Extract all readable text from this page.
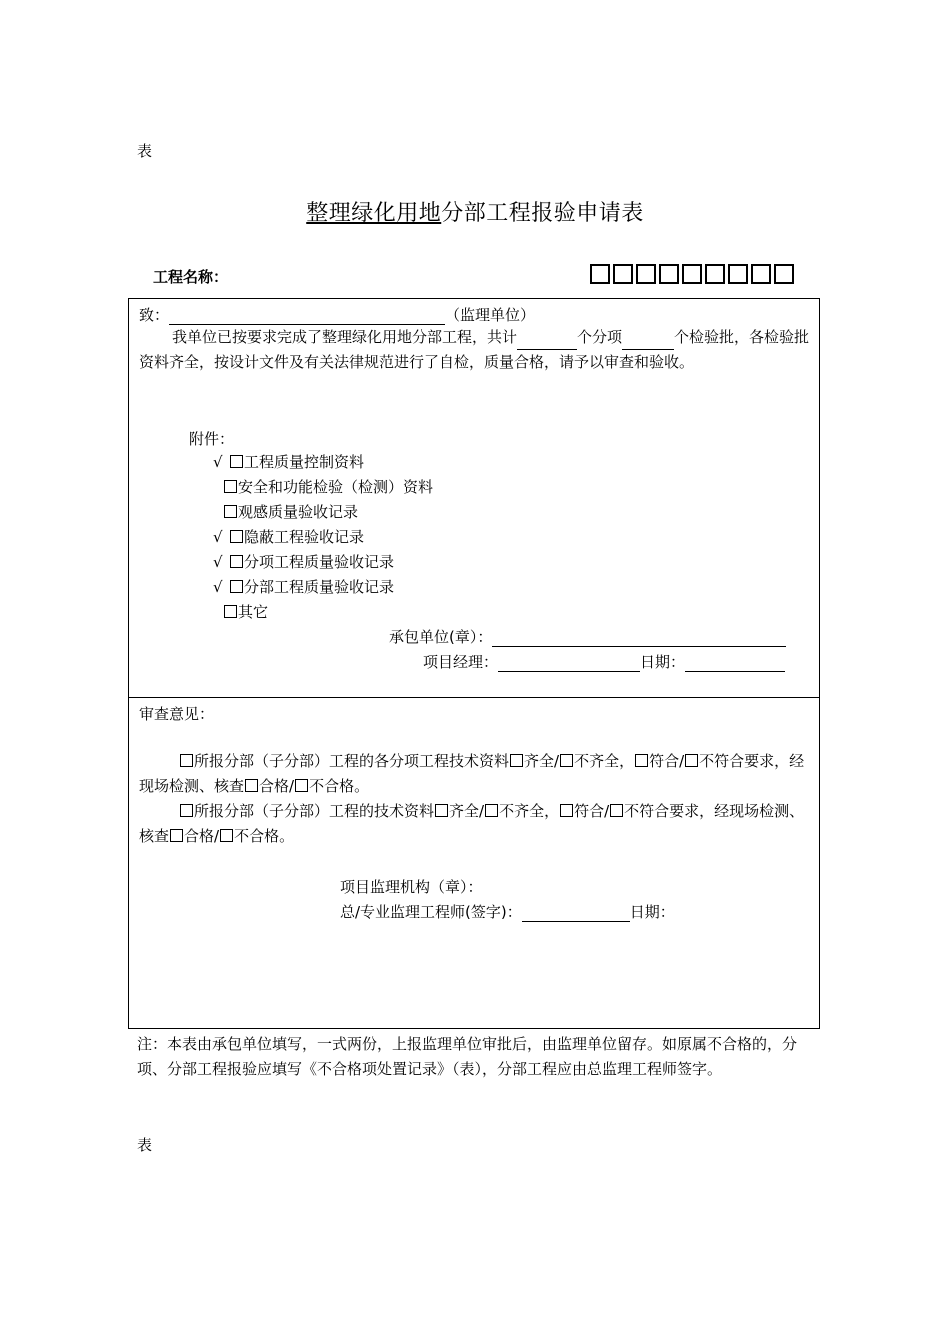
表
整理绿化用地分部工程报验申请表
工程名称：
致：	（监理单位）
我单位已按要求完成了整理绿化用地分部工程，共计	个分项	个检验批，各检验批资料齐全，按设计文件及有关法律规范进行了自检，质量合格，请予以审查和验收。
附件：
√ 工程质量控制资料
安全和功能检验（检测）资料
观感质量验收记录
√ 隐蔽工程验收记录
√ 分项工程质量验收记录
√ 分部工程质量验收记录
其它
承包单位(章）：
项目经理：	日期：
审查意见：
所报分部（子分部）工程的各分项工程技术资料 齐全/ 不齐全， 符合/ 不符合要求，经现场检测、核查 合格/ 不合格。
所报分部（子分部）工程的技术资料 齐全/ 不齐全， 符合/ 不符合要求，经现场检测、核查 合格/ 不合格。
项目监理机构（章）：
总/专业监理工程师(签字)：	日期：
注：本表由承包单位填写，一式两份，上报监理单位审批后，由监理单位留存。如原属不合格的，分项、分部工程报验应填写《不合格项处置记录》（表），分部工程应由总监理工程师签字。
表
